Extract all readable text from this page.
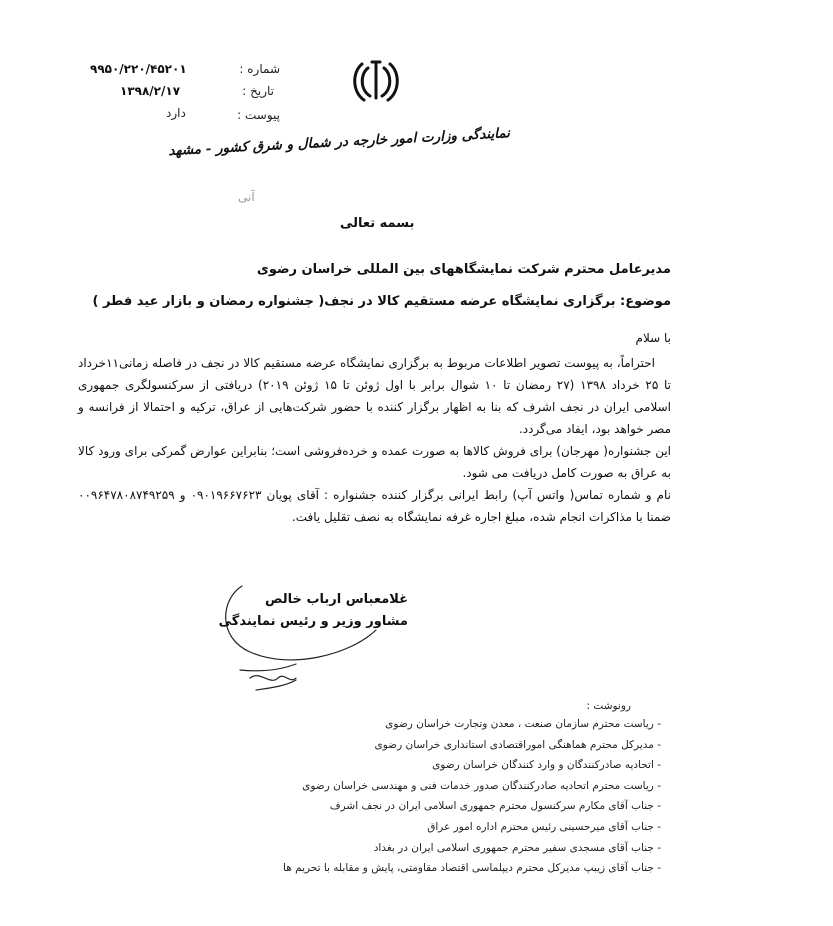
۹۹۵۰/۲۲۰/۴۵۲۰۱	شماره :
۱۳۹۸/۲/۱۷	تاریخ :
دارد	پیوست :
نمایندگی وزارت امور خارجه در شمال و شرق کشور - مشهد
آنی
بسمه تعالی
مدیرعامل محترم شرکت نمایشگاههای بین المللی خراسان رضوی
موضوع: برگزاری نمایشگاه عرضه مستقیم کالا در نجف( جشنواره رمضان و بازار عید فطر )
با سلام
احتراماً، به پیوست تصویر اطلاعات مربوط به برگزاری نمایشگاه عرضه مستقیم کالا در نجف در فاصله زمانی۱۱خرداد تا ۲۵ خرداد ۱۳۹۸ (۲۷ رمضان تا ۱۰ شوال برابر با اول ژوئن تا ۱۵ ژوئن ۲۰۱۹) دریافتی از سرکنسولگری جمهوری اسلامی ایران در نجف اشرف که بنا به اظهار برگزار کننده با حضور شرکت‌هایی از عراق، ترکیه و احتمالا از فرانسه و مصر خواهد بود، ایفاد می‌گردد.
این جشنواره( مهرجان) برای فروش کالاها به صورت عمده و خرده‌فروشی است؛ بنابراین عوارض گمرکی برای ورود کالا به عراق به صورت کامل دریافت می شود.
نام و شماره تماس( واتس آپ) رابط ایرانی برگزار کننده جشنواره : آقای پویان ۰۹۰۱۹۶۶۷۶۲۳ و ۰۰۹۶۴۷۸۰۸۷۴۹۲۵۹ ضمنا با مذاکرات انجام شده، مبلغ اجاره غرفه نمایشگاه به نصف تقلیل یافت.
غلامعباس ارباب خالص
مشاور وزیر و رئیس نمایندگی
رونوشت :
- ریاست محترم سازمان صنعت ، معدن وتجارت خراسان رضوی
- مدیرکل محترم هماهنگی اموراقتصادی استانداری خراسان رضوی
- اتحادیه صادرکنندگان و وارد کنندگان خراسان رضوی
- ریاست محترم اتحادیه صادرکنندگان صدور خدمات فنی و مهندسی خراسان رضوی
- جناب آقای مکارم سرکنسول محترم جمهوری اسلامی ایران در نجف اشرف
- جناب آقای میرحسینی رئیس محترم اداره امور عراق
- جناب آقای مسجدی سفیر محترم جمهوری اسلامی ایران در بغداد
- جناب آقای زیبپ مدیرکل محترم دیپلماسی اقتصاد مقاومتی، پایش و مقابله با تحریم ها
